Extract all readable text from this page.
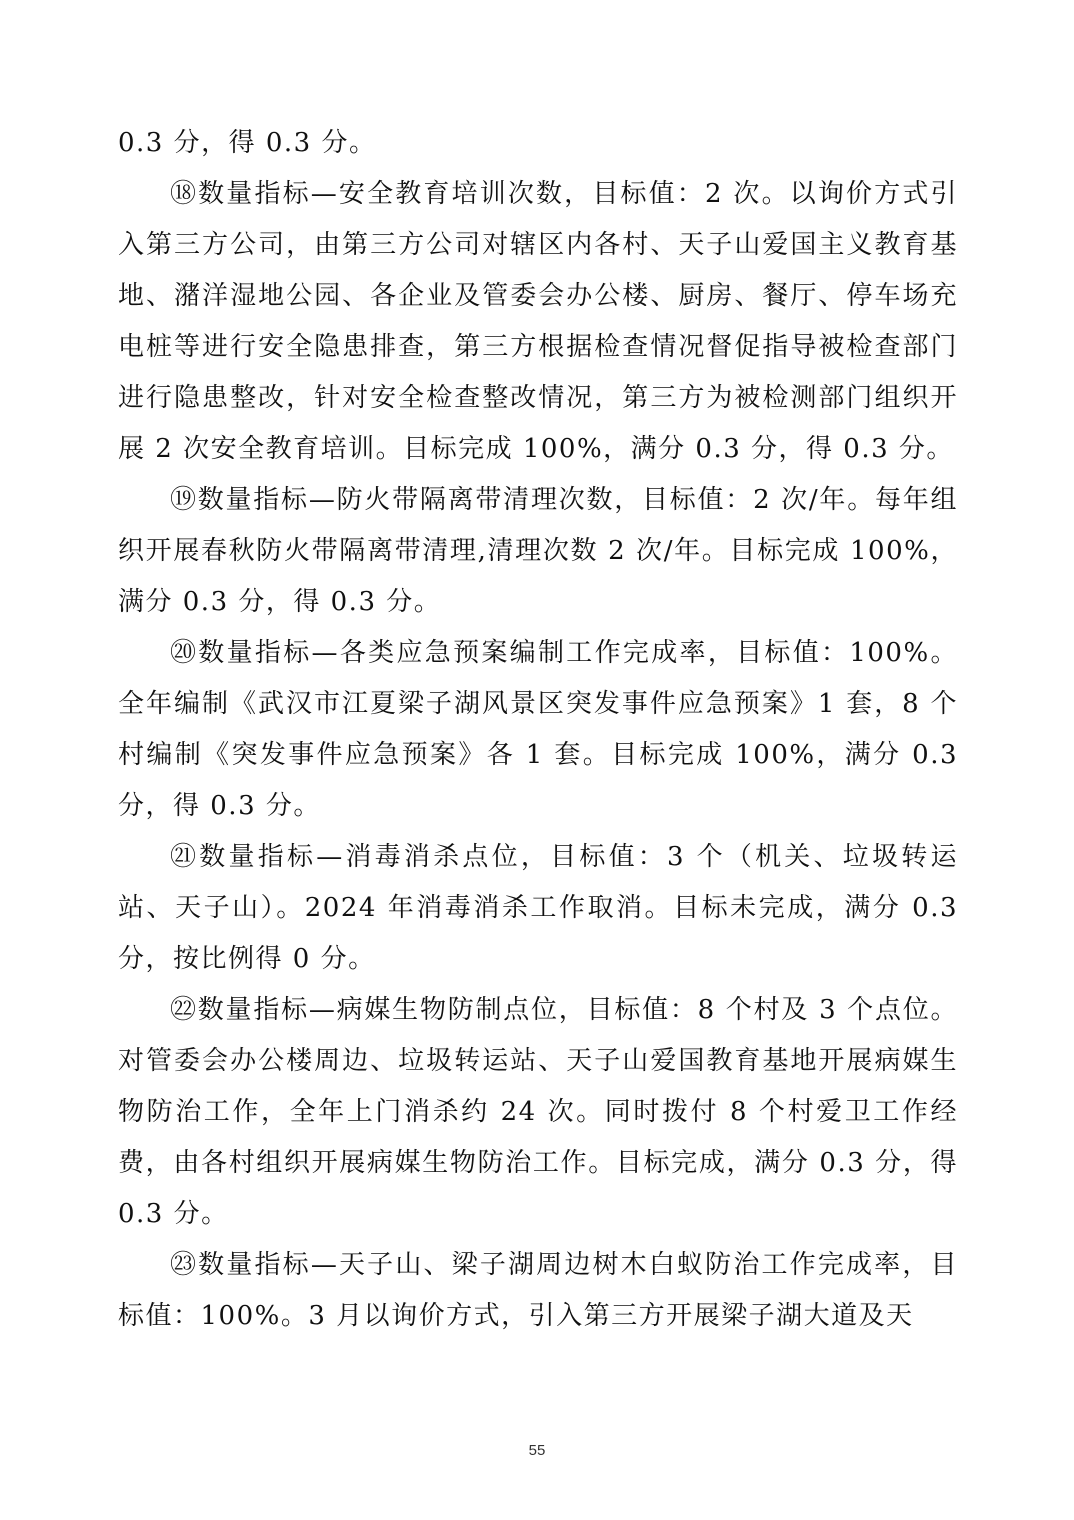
0.3 分，得 0.3 分。

⑱数量指标—安全教育培训次数，目标值：2 次。以询价方式引入第三方公司，由第三方公司对辖区内各村、天子山爱国主义教育基地、潴洋湿地公园、各企业及管委会办公楼、厨房、餐厅、停车场充电桩等进行安全隐患排查，第三方根据检查情况督促指导被检查部门进行隐患整改，针对安全检查整改情况，第三方为被检测部门组织开展 2 次安全教育培训。目标完成 100%，满分 0.3 分，得 0.3 分。

⑲数量指标—防火带隔离带清理次数，目标值：2 次/年。每年组织开展春秋防火带隔离带清理,清理次数 2 次/年。目标完成 100%，满分 0.3 分，得 0.3 分。

⑳数量指标—各类应急预案编制工作完成率，目标值：100%。全年编制《武汉市江夏梁子湖风景区突发事件应急预案》1 套，8 个村编制《突发事件应急预案》各 1 套。目标完成 100%，满分 0.3 分，得 0.3 分。

㉑数量指标—消毒消杀点位，目标值：3 个（机关、垃圾转运站、天子山）。2024 年消毒消杀工作取消。目标未完成，满分 0.3 分，按比例得 0 分。

㉒数量指标—病媒生物防制点位，目标值：8 个村及 3 个点位。对管委会办公楼周边、垃圾转运站、天子山爱国教育基地开展病媒生物防治工作，全年上门消杀约 24 次。同时拨付 8 个村爱卫工作经费，由各村组织开展病媒生物防治工作。目标完成，满分 0.3 分，得 0.3 分。

㉓数量指标—天子山、梁子湖周边树木白蚁防治工作完成率，目标值：100%。3 月以询价方式，引入第三方开展梁子湖大道及天

55
